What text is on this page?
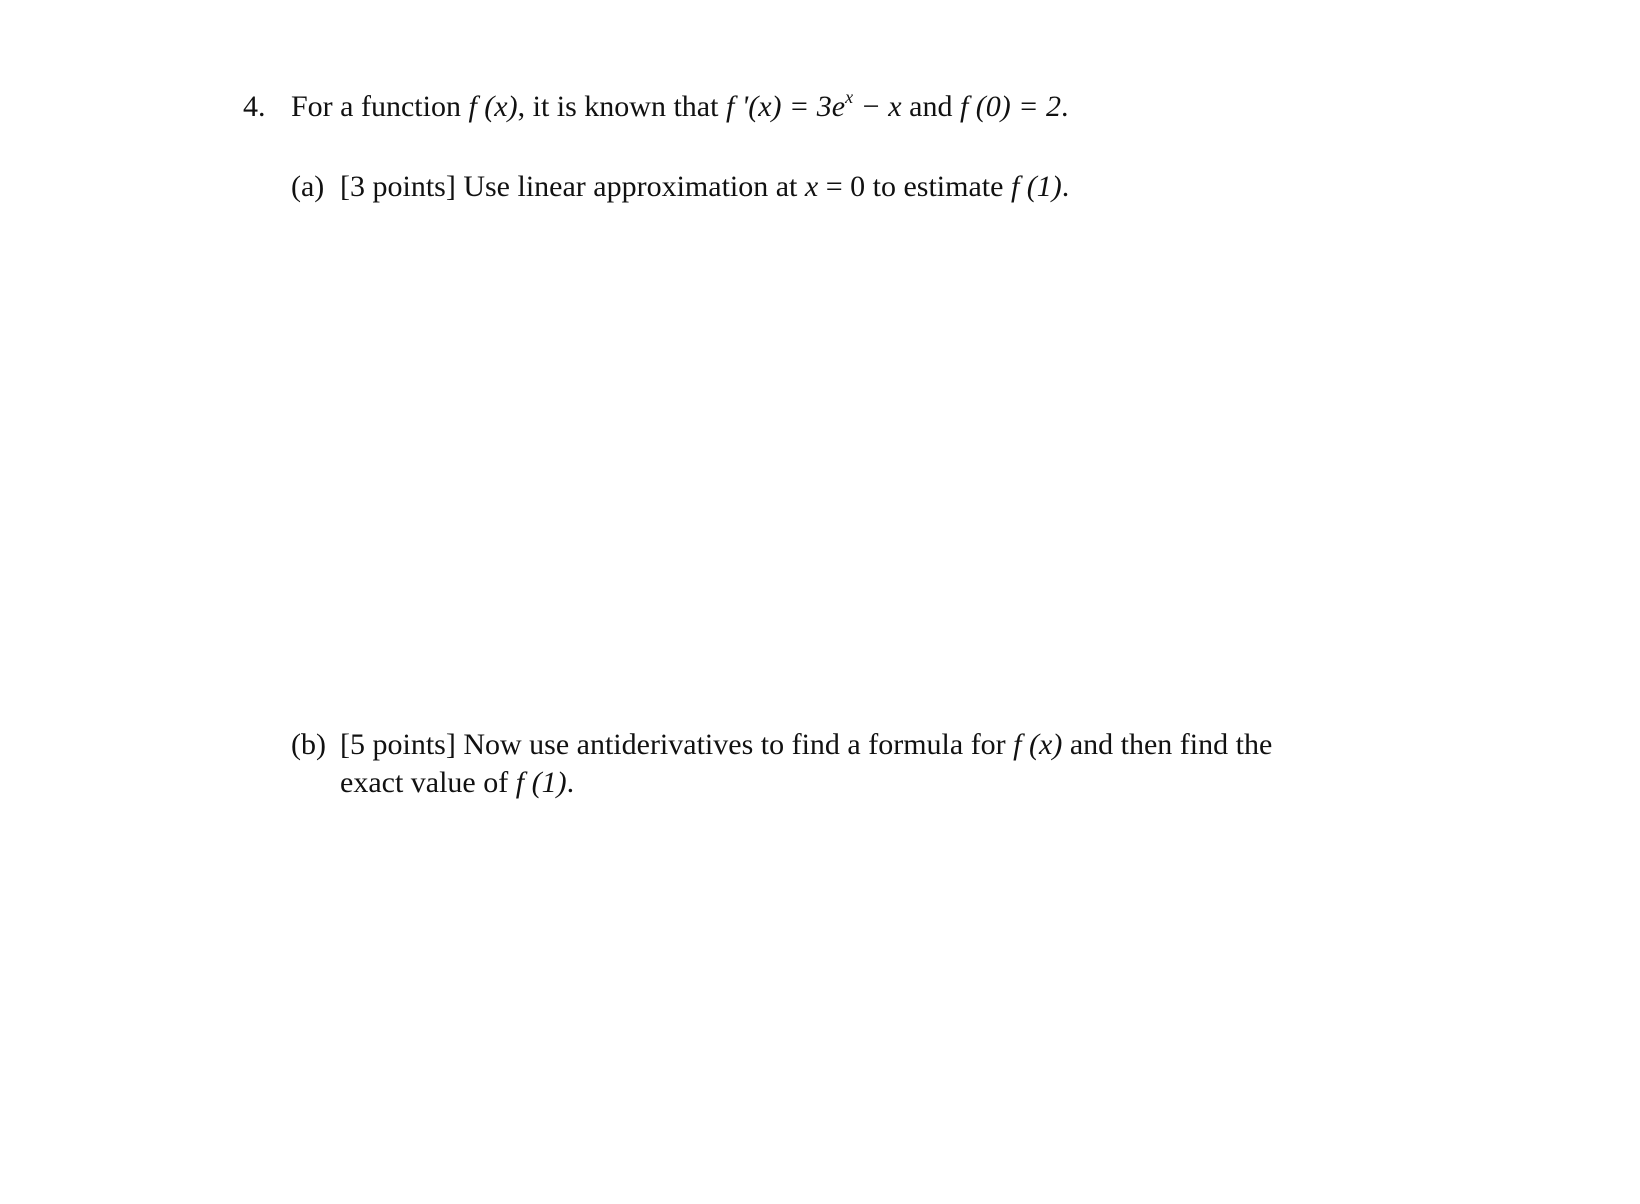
4. For a function f (x), it is known that f '$(x) = 3e^x - x$ and f (0) = 2.
(a) [3 points] Use linear approximation at x = 0 to estimate f (1).
(b) [5 points] Now use antiderivatives to find a formula for f (x) and then find the
exact value of f (1).
